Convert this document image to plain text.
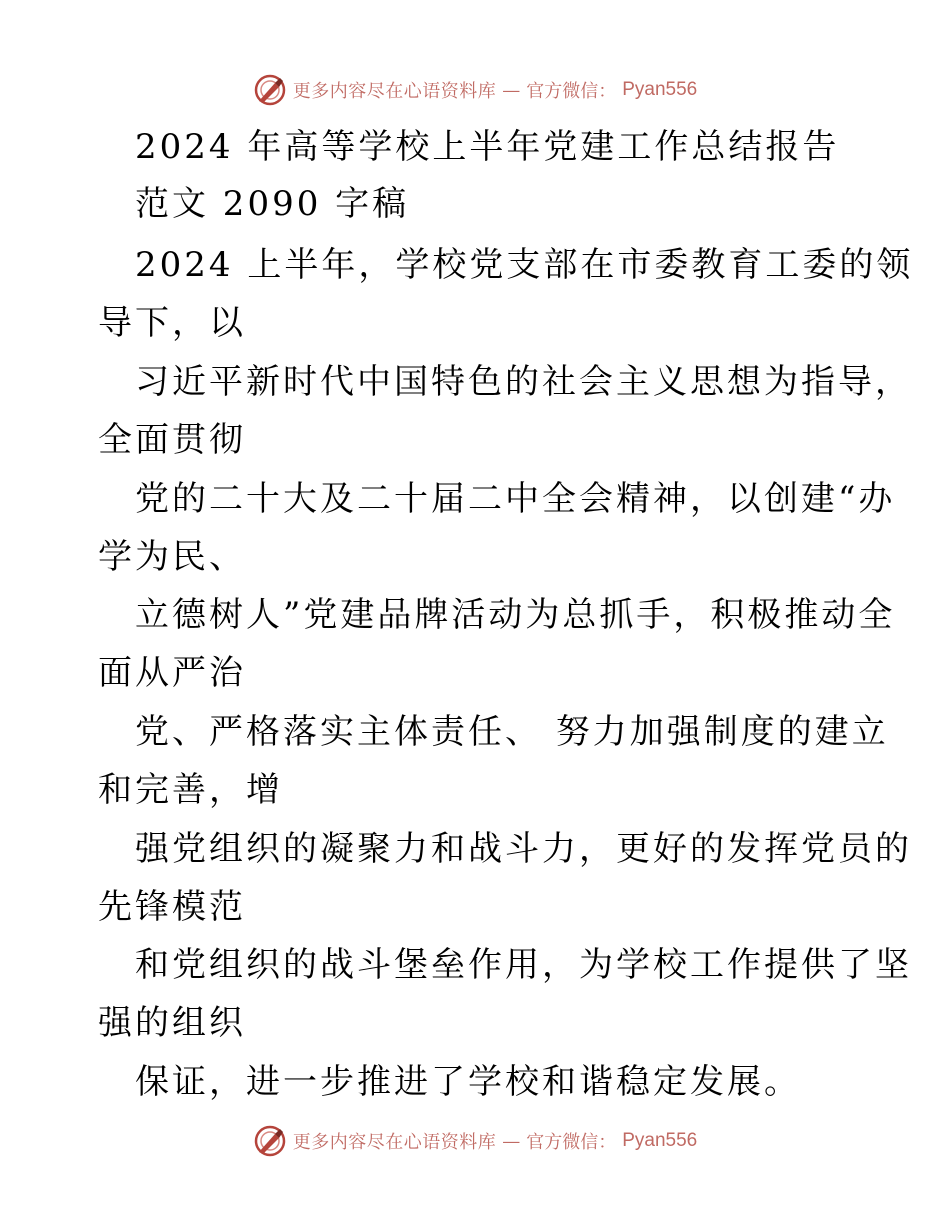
更多内容尽在心语资料库 — 官方微信： Pyan556
2024 年高等学校上半年党建工作总结报告
范文 2090 字稿
2024 上半年，学校党支部在市委教育工委的领
导下，以
习近平新时代中国特色的社会主义思想为指导，
全面贯彻
党的二十大及二十届二中全会精神，以创建“办
学为民、
立德树人”党建品牌活动为总抓手，积极推动全
面从严治
党、严格落实主体责任、 努力加强制度的建立
和完善，增
强党组织的凝聚力和战斗力，更好的发挥党员的
先锋模范
和党组织的战斗堡垒作用，为学校工作提供了坚
强的组织
保证，进一步推进了学校和谐稳定发展。
更多内容尽在心语资料库 — 官方微信： Pyan556
